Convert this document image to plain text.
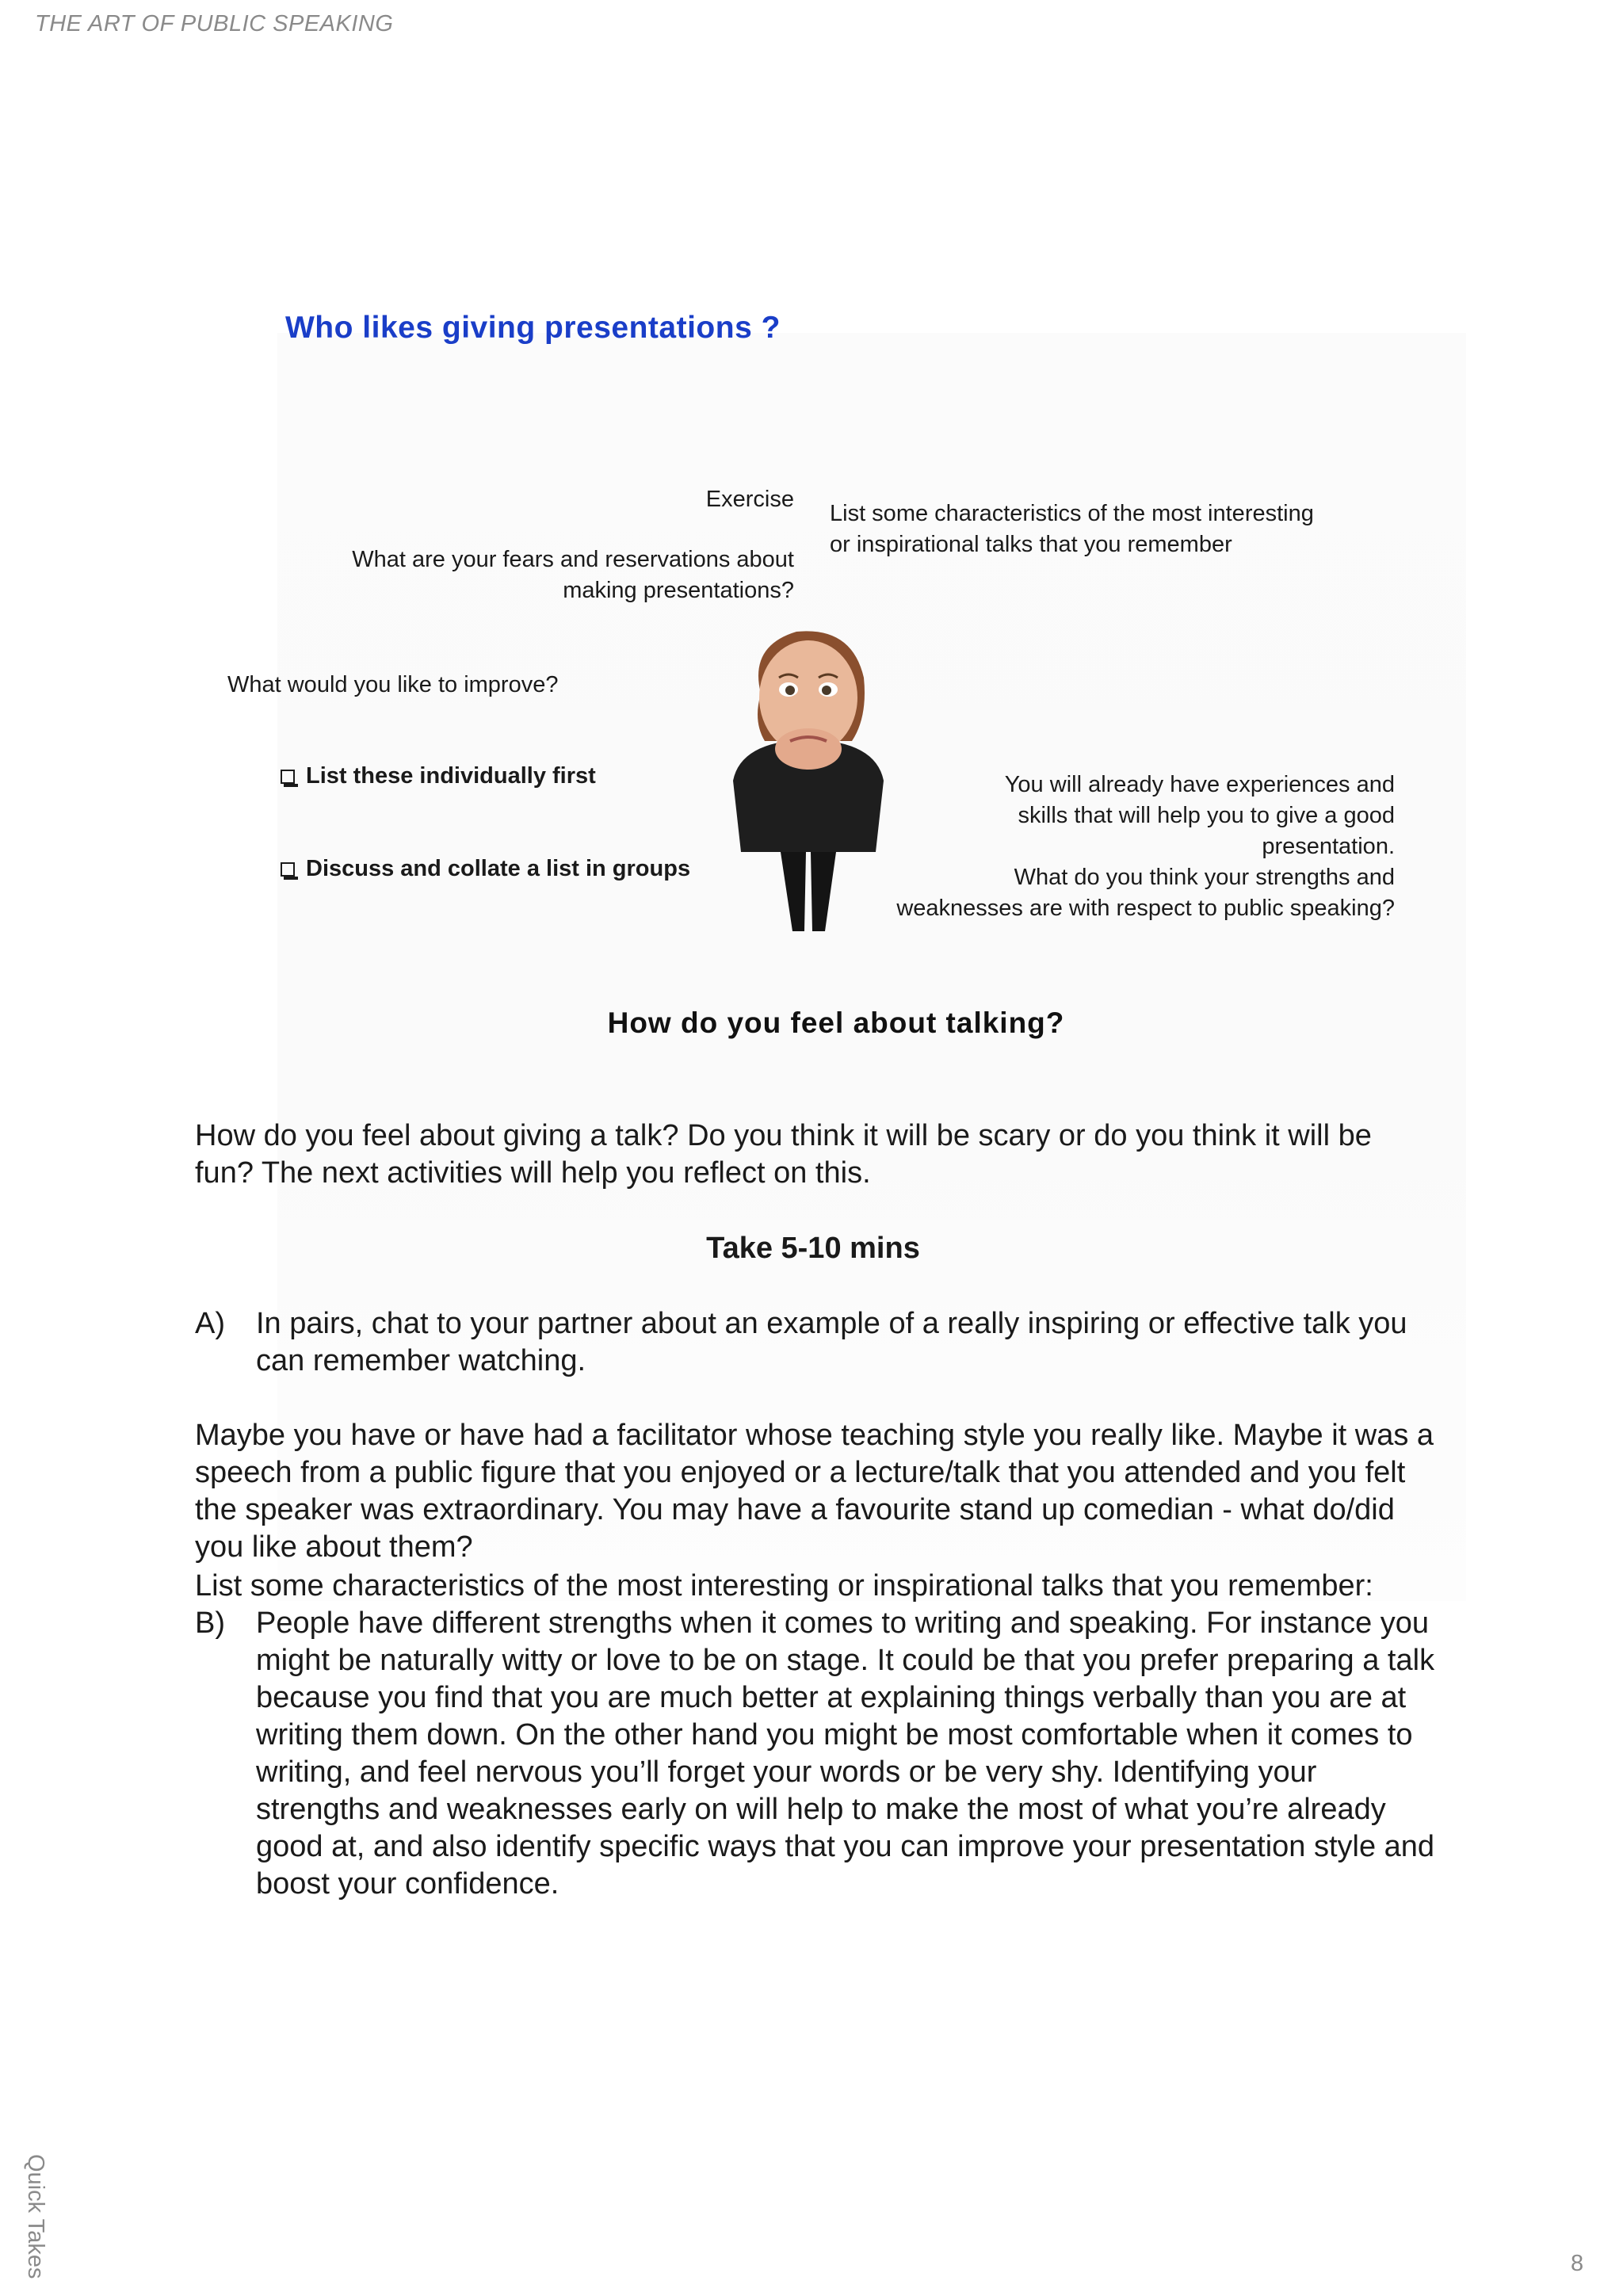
THE ART OF PUBLIC SPEAKING
Who likes giving presentations ?
Exercise
What are your fears and reservations about making presentations?
List some characteristics of the most interesting or inspirational talks that you remember
What would you like to improve?
List these individually first
Discuss and collate a list in groups
You will already have experiences and
skills that will help you to give a good presentation.
What do you think your strengths and
weaknesses are with respect to public speaking?
How do you feel about talking?
How do you feel about giving a talk? Do you think it will be scary or do you think it will be fun? The next activities will help you reflect on this.
Take 5-10 mins
A)	In pairs, chat to your partner about an example of a really inspiring or effective talk you can remember watching.
Maybe you have or have had a facilitator whose teaching style you really like. Maybe it was a speech from a public figure that you enjoyed or a lecture/talk that you attended and you felt the speaker was extraordinary. You may have a favourite stand up comedian - what do/did you like about them?
List some characteristics of the most interesting or inspirational talks that you remember:
B)	People have different strengths when it comes to writing and speaking. For instance you might be naturally witty or love to be on stage. It could be that you prefer preparing a talk because you find that you are much better at explaining things verbally than you are at writing them down. On the other hand you might be most comfortable when it comes to writing, and feel nervous you’ll forget your words or be very shy. Identifying your strengths and weaknesses early on will help to make the most of what you’re already good at, and also identify specific ways that you can improve your presentation style and boost your confidence.
Quick Takes	8
